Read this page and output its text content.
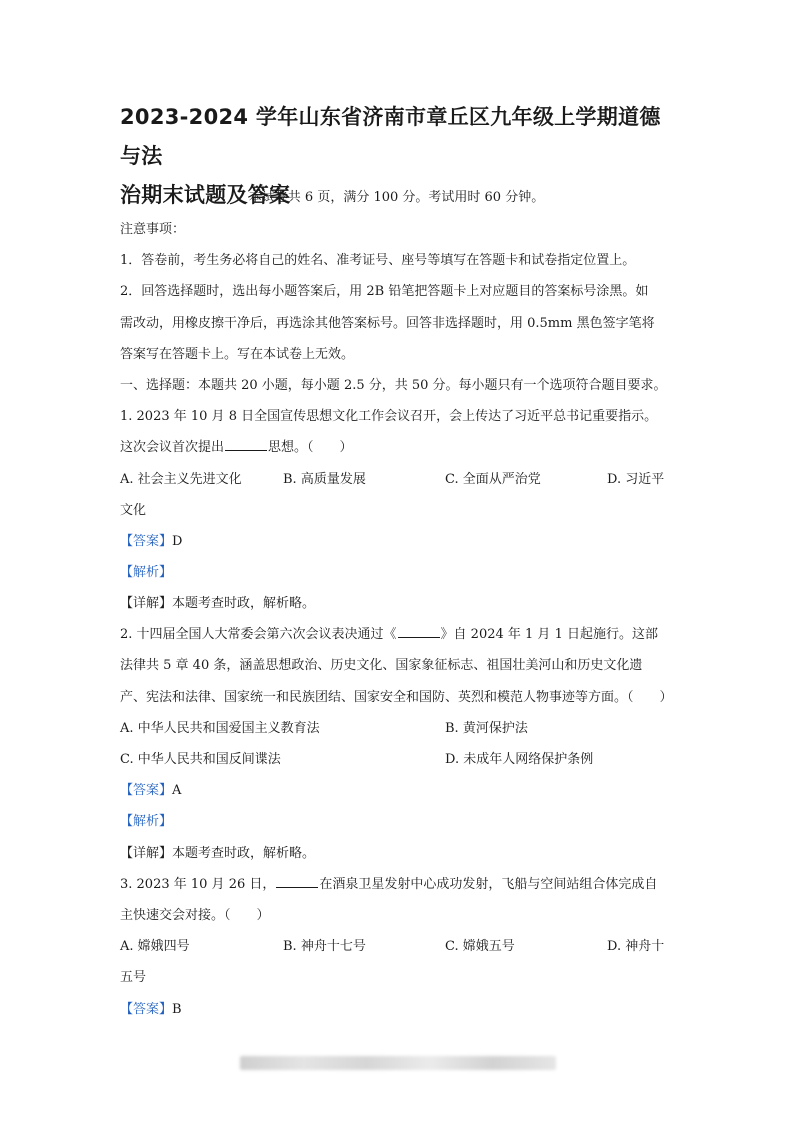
2023-2024 学年山东省济南市章丘区九年级上学期道德与法
治期末试题及答案
本试卷共 6 页，满分 100 分。考试用时 60 分钟。
注意事项：
1．答卷前，考生务必将自己的姓名、准考证号、座号等填写在答题卡和试卷指定位置上。
2．回答选择题时，选出每小题答案后，用 2B 铅笔把答题卡上对应题目的答案标号涂黑。如
需改动，用橡皮擦干净后，再选涂其他答案标号。回答非选择题时，用 0.5mm 黑色签字笔将
答案写在答题卡上。写在本试卷上无效。
一、选择题：本题共 20 小题，每小题 2.5 分，共 50 分。每小题只有一个选项符合题目要求。
1. 2023 年 10 月 8 日全国宣传思想文化工作会议召开，会上传达了习近平总书记重要指示。
这次会议首次提出	思想。（　　）
A. 社会主义先进文化	B. 高质量发展	C. 全面从严治党	D. 习近平
文化
【答案】D
【解析】
【详解】本题考查时政，解析略。
2. 十四届全国人大常委会第六次会议表决通过《	》自 2024 年 1 月 1 日起施行。这部
法律共 5 章 40 条，涵盖思想政治、历史文化、国家象征标志、祖国壮美河山和历史文化遗
产、宪法和法律、国家统一和民族团结、国家安全和国防、英烈和模范人物事迹等方面。（　　）
A. 中华人民共和国爱国主义教育法	B. 黄河保护法
C. 中华人民共和国反间谍法	D. 未成年人网络保护条例
【答案】A
【解析】
【详解】本题考查时政，解析略。
3. 2023 年 10 月 26 日，	在酒泉卫星发射中心成功发射，飞船与空间站组合体完成自
主快速交会对接。（　　）
A. 嫦娥四号	B. 神舟十七号	C. 嫦娥五号	D. 神舟十
五号
【答案】B
